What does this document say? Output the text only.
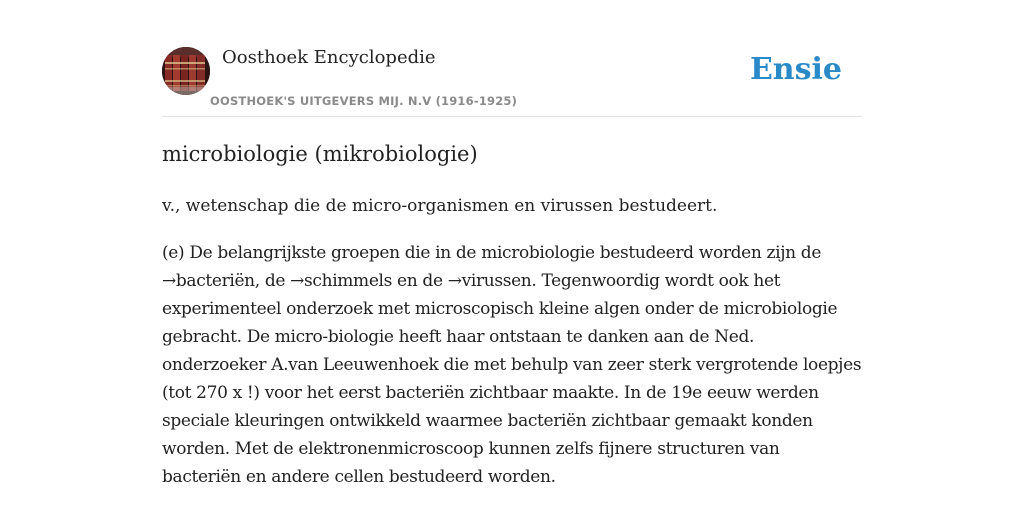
Oosthoek Encyclopedie
OOSTHOEK'S UITGEVERS MIJ. N.V (1916-1925)
Ensie
microbiologie (mikrobiologie)

v., wetenschap die de micro-organismen en virussen bestudeert.

(e) De belangrijkste groepen die in de microbiologie bestudeerd worden zijn de →bacteriën, de →schimmels en de →virussen. Tegenwoordig wordt ook het experimenteel onderzoek met microscopisch kleine algen onder de microbiologie gebracht. De micro-biologie heeft haar ontstaan te danken aan de Ned. onderzoeker A.van Leeuwenhoek die met behulp van zeer sterk vergrotende loepjes (tot 270 x !) voor het eerst bacteriën zichtbaar maakte. In de 19e eeuw werden speciale kleuringen ontwikkeld waarmee bacteriën zichtbaar gemaakt konden worden. Met de elektronenmicroscoop kunnen zelfs fijnere structuren van bacteriën en andere cellen bestudeerd worden.
